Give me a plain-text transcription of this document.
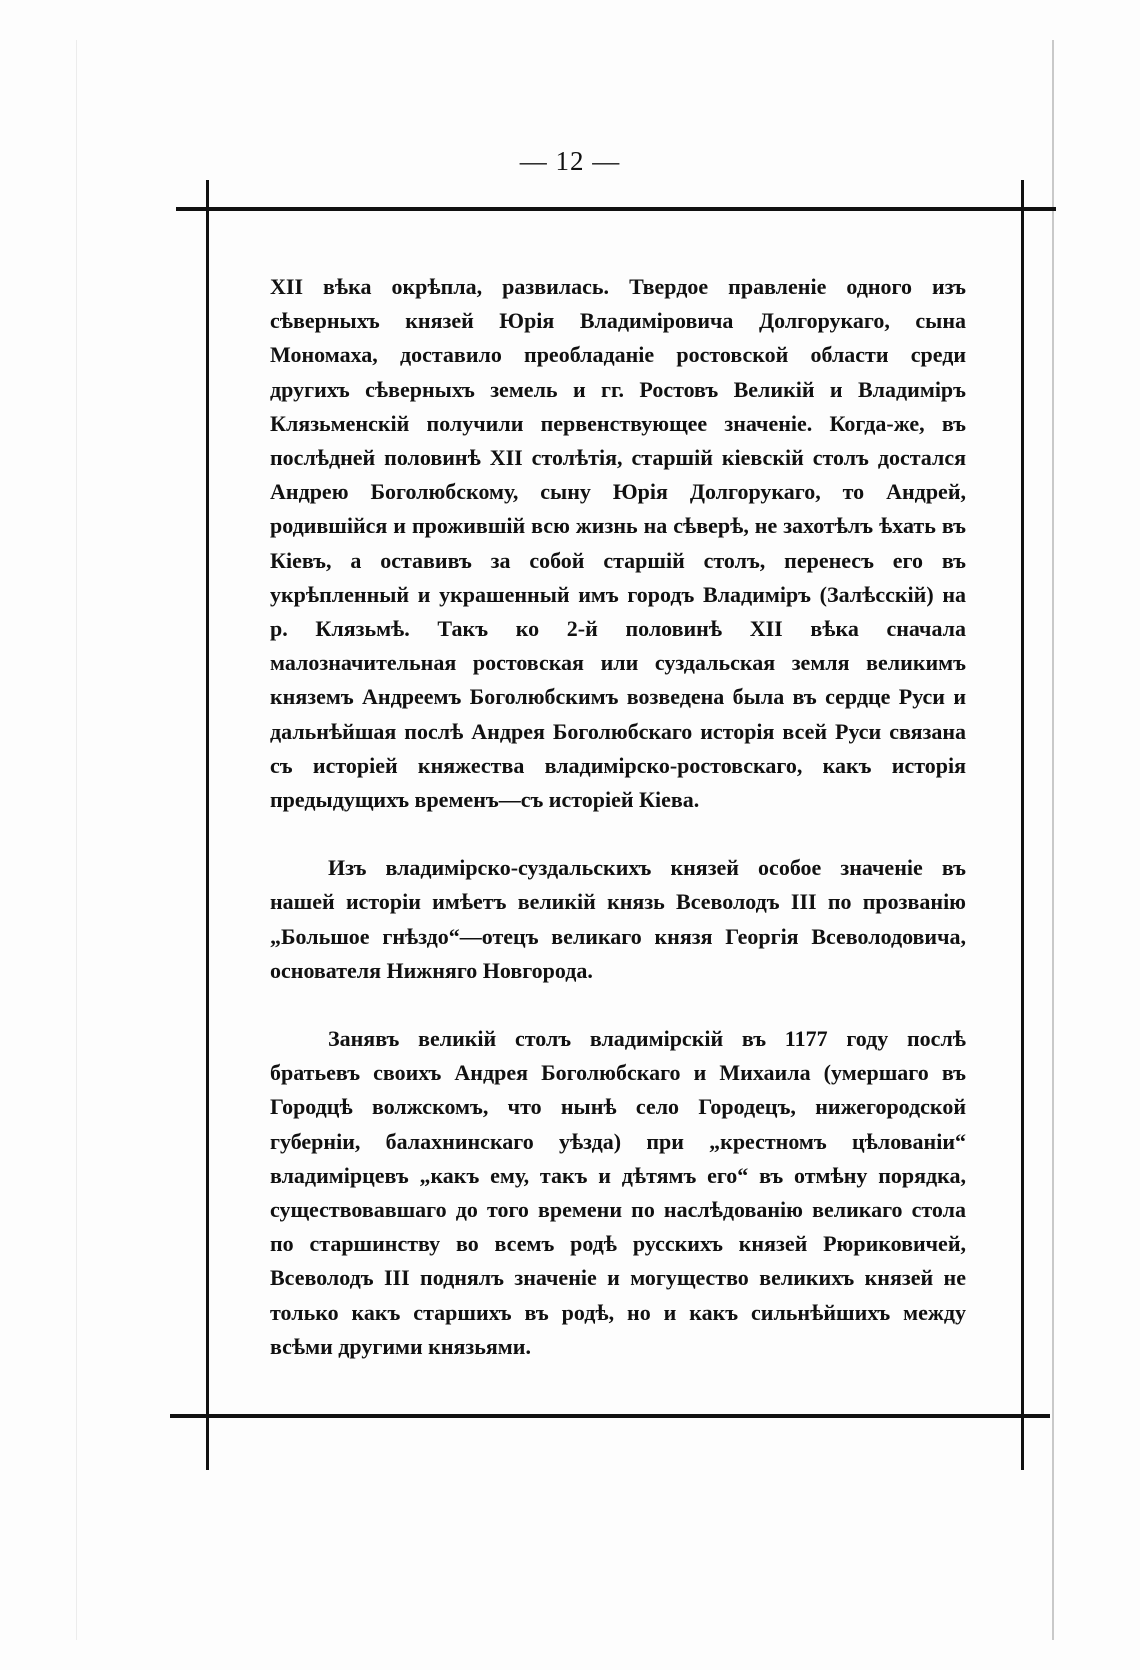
— 12 —

XII вѣка окрѣпла, развилась. Твердое правленіе одного изъ сѣверныхъ князей Юрія Владиміровича Долгорукаго, сына Мономаха, доставило преобладаніе ростовской области среди другихъ сѣверныхъ земель и гг. Ростовъ Великій и Владиміръ Клязьменскій получили первенствующее значеніе. Когда-же, въ послѣдней половинѣ XII столѣтія, старшій кіевскій столъ достался Андрею Боголюбскому, сыну Юрія Долгорукаго, то Андрей, родившійся и прожившій всю жизнь на сѣверѣ, не захотѣлъ ѣхать въ Кіевъ, а оставивъ за собой старшій столъ, перенесъ его въ укрѣпленный и украшенный имъ городъ Владиміръ (Залѣсскій) на р. Клязьмѣ. Такъ ко 2-й половинѣ XII вѣка сначала малозначительная ростовская или суздальская земля великимъ княземъ Андреемъ Боголюбскимъ возведена была въ сердце Руси и дальнѣйшая послѣ Андрея Боголюбскаго исторія всей Руси связана съ исторіей княжества владимірско-ростовскаго, какъ исторія предыдущихъ временъ—съ исторіей Кіева.

Изъ владимірско-суздальскихъ князей особое значеніе въ нашей исторіи имѣетъ великій князь Всеволодъ III по прозванію „Большое гнѣздо“—отецъ великаго князя Георгія Всеволодовича, основателя Нижняго Новгорода.

Занявъ великій столъ владимірскій въ 1177 году послѣ братьевъ своихъ Андрея Боголюбскаго и Михаила (умершаго въ Городцѣ волжскомъ, что нынѣ село Городецъ, нижегородской губерніи, балахнинскаго уѣзда) при „крестномъ цѣлованіи“ владимірцевъ „какъ ему, такъ и дѣтямъ его“ въ отмѣну порядка, существовавшаго до того времени по наслѣдованію великаго стола по старшинству во всемъ родѣ русскихъ князей Рюриковичей, Всеволодъ III поднялъ значеніе и могущество великихъ князей не только какъ старшихъ въ родѣ, но и какъ сильнѣйшихъ между всѣми другими князьями.
